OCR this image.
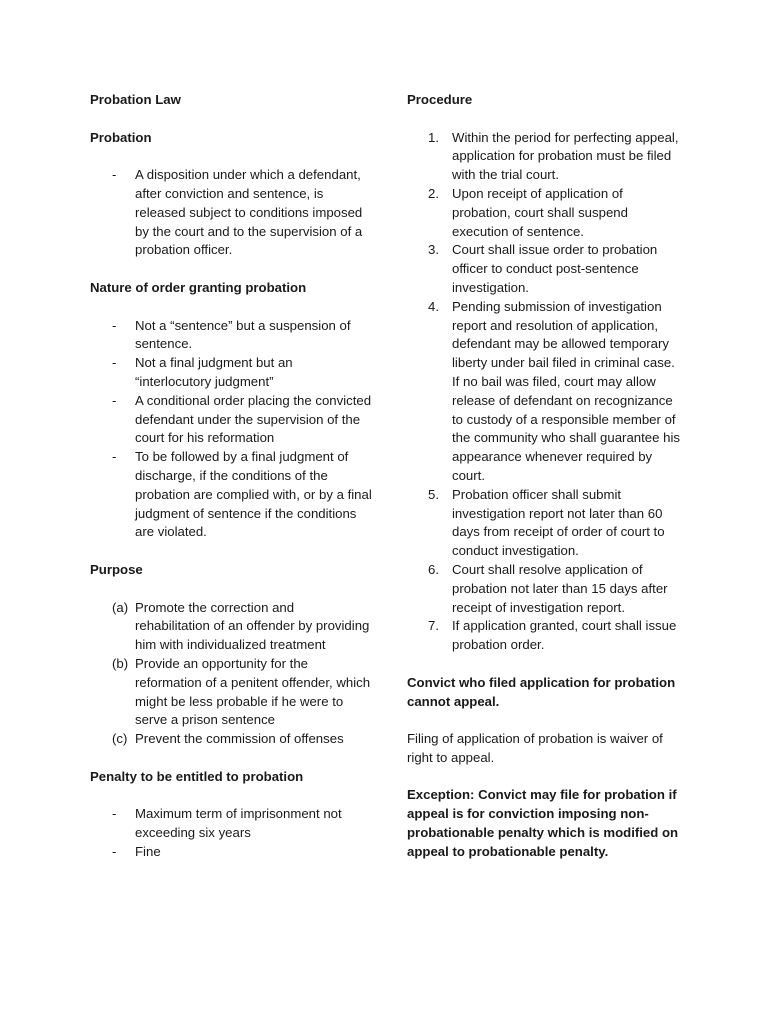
Probation Law

Probation

- A disposition under which a defendant, after conviction and sentence, is released subject to conditions imposed by the court and to the supervision of a probation officer.

Nature of order granting probation

- Not a “sentence” but a suspension of sentence.
- Not a final judgment but an “interlocutory judgment”
- A conditional order placing the convicted defendant under the supervision of the court for his reformation
- To be followed by a final judgment of discharge, if the conditions of the probation are complied with, or by a final judgment of sentence if the conditions are violated.

Purpose

(a) Promote the correction and rehabilitation of an offender by providing him with individualized treatment
(b) Provide an opportunity for the reformation of a penitent offender, which might be less probable if he were to serve a prison sentence
(c) Prevent the commission of offenses

Penalty to be entitled to probation

- Maximum term of imprisonment not exceeding six years
- Fine

Procedure

1. Within the period for perfecting appeal, application for probation must be filed with the trial court.
2. Upon receipt of application of probation, court shall suspend execution of sentence.
3. Court shall issue order to probation officer to conduct post-sentence investigation.
4. Pending submission of investigation report and resolution of application, defendant may be allowed temporary liberty under bail filed in criminal case. If no bail was filed, court may allow release of defendant on recognizance to custody of a responsible member of the community who shall guarantee his appearance whenever required by court.
5. Probation officer shall submit investigation report not later than 60 days from receipt of order of court to conduct investigation.
6. Court shall resolve application of probation not later than 15 days after receipt of investigation report.
7. If application granted, court shall issue probation order.

Convict who filed application for probation cannot appeal.

Filing of application of probation is waiver of right to appeal.

Exception: Convict may file for probation if appeal is for conviction imposing non-probationable penalty which is modified on appeal to probationable penalty.
